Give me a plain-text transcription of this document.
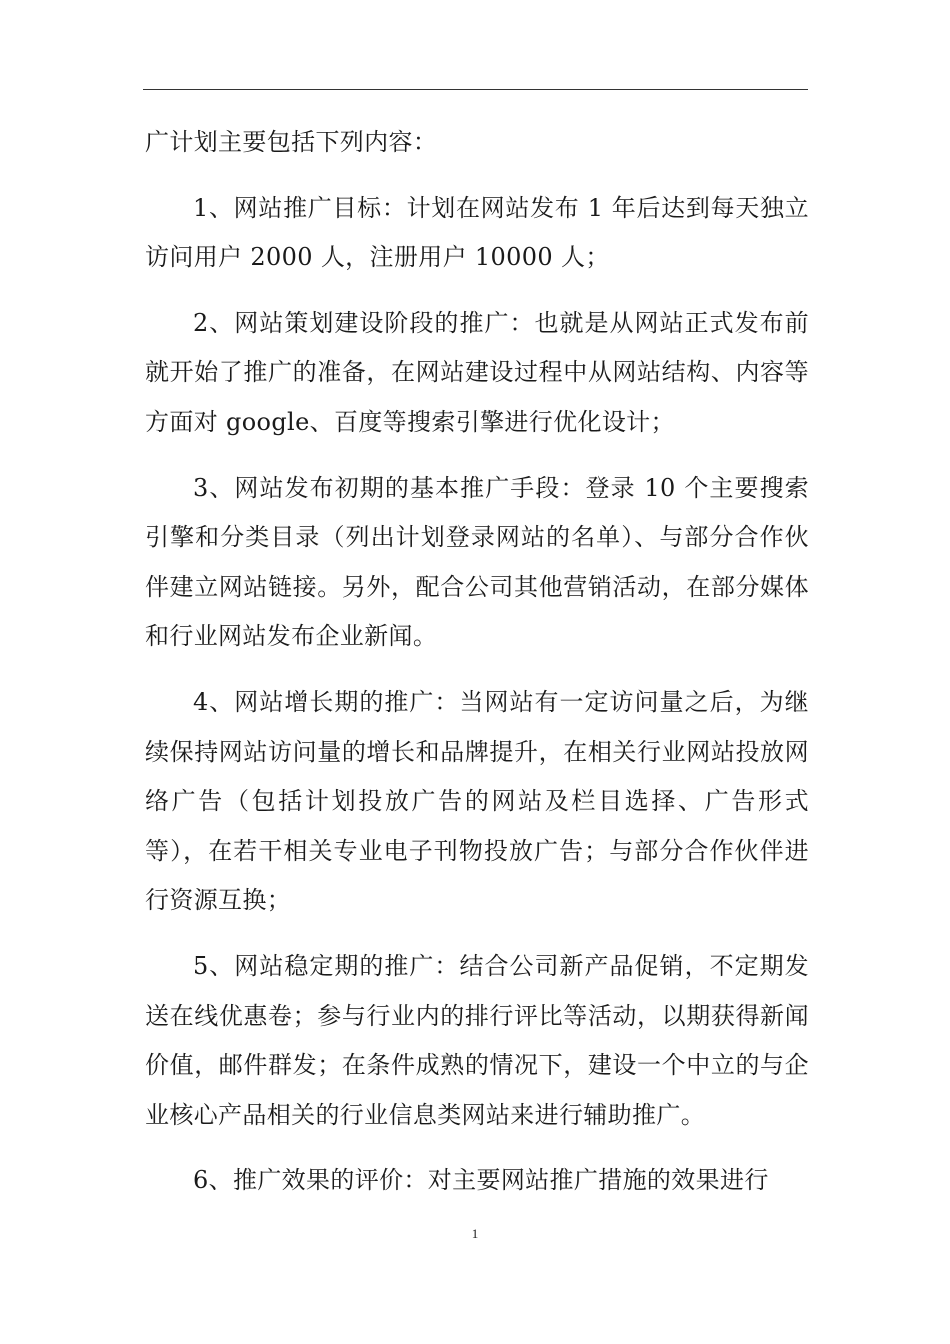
广计划主要包括下列内容：

1、网站推广目标：计划在网站发布 1 年后达到每天独立访问用户 2000 人，注册用户 10000 人；

2、网站策划建设阶段的推广：也就是从网站正式发布前就开始了推广的准备，在网站建设过程中从网站结构、内容等方面对 google、百度等搜索引擎进行优化设计；

3、网站发布初期的基本推广手段：登录 10 个主要搜索引擎和分类目录（列出计划登录网站的名单）、与部分合作伙伴建立网站链接。另外，配合公司其他营销活动，在部分媒体和行业网站发布企业新闻。

4、网站增长期的推广：当网站有一定访问量之后，为继续保持网站访问量的增长和品牌提升，在相关行业网站投放网络广告（包括计划投放广告的网站及栏目选择、广告形式等），在若干相关专业电子刊物投放广告；与部分合作伙伴进行资源互换；

5、网站稳定期的推广：结合公司新产品促销，不定期发送在线优惠卷；参与行业内的排行评比等活动，以期获得新闻价值，邮件群发；在条件成熟的情况下，建设一个中立的与企业核心产品相关的行业信息类网站来进行辅助推广。

6、推广效果的评价：对主要网站推广措施的效果进行

1
